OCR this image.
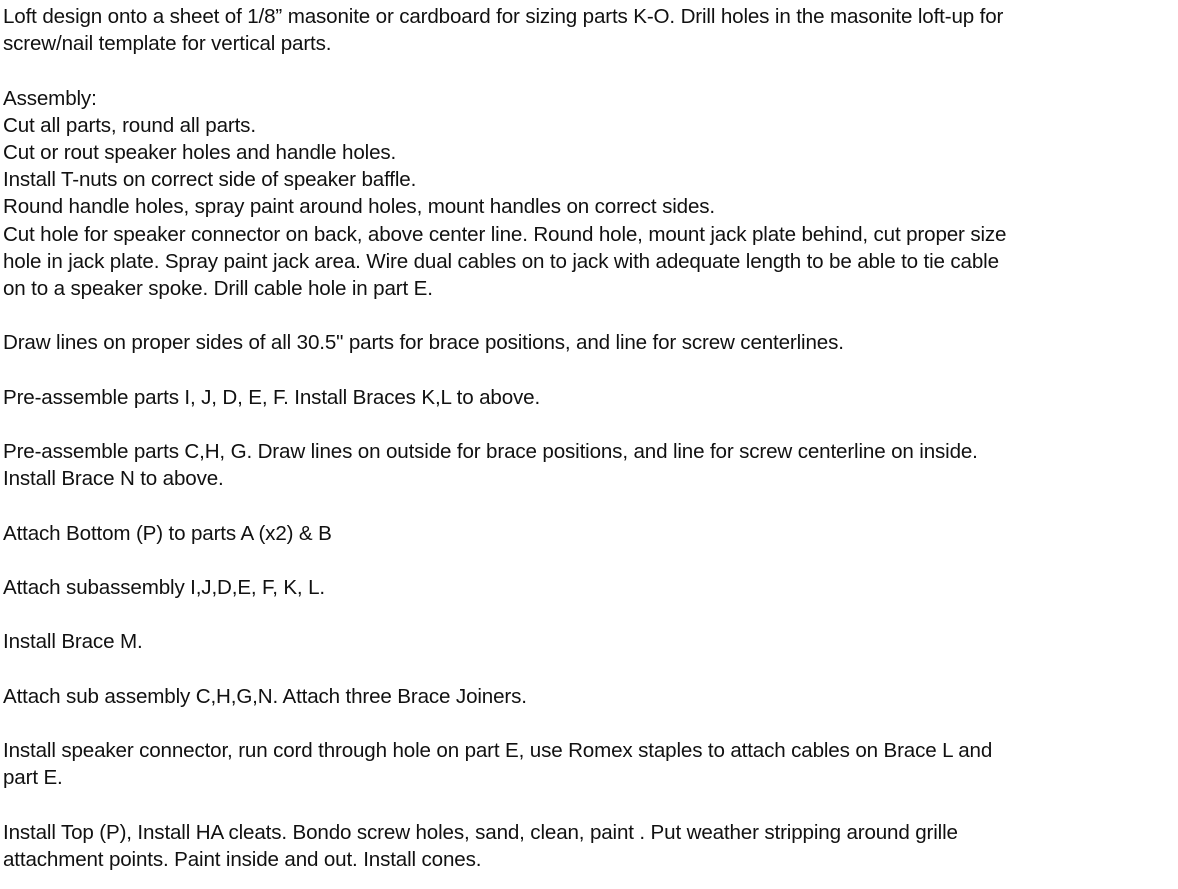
Loft design onto a sheet of 1/8” masonite or cardboard for sizing parts K-O. Drill holes in the masonite loft-up for
screw/nail template for vertical parts.
Assembly:
Cut all parts, round all parts.
Cut or rout speaker holes and handle holes.
Install T-nuts on correct side of speaker baffle.
Round handle holes, spray paint around holes, mount handles on correct sides.
Cut hole for speaker connector on back, above center line. Round hole, mount jack plate behind, cut proper size
hole in jack plate. Spray paint jack area. Wire dual cables on to jack with adequate length to be able to tie cable
on to a speaker spoke. Drill cable hole in part E.
Draw lines on proper sides of all 30.5" parts for brace positions, and line for screw centerlines.
Pre-assemble parts I, J, D, E, F. Install Braces K,L to above.
Pre-assemble parts C,H, G. Draw lines on outside for brace positions, and line for screw centerline on inside.
Install Brace N to above.
Attach Bottom (P) to parts A (x2) & B
Attach subassembly I,J,D,E, F, K, L.
Install Brace M.
Attach sub assembly C,H,G,N. Attach three Brace Joiners.
Install speaker connector, run cord through hole on part E, use Romex staples to attach cables on Brace L and
part E.
Install Top (P), Install HA cleats. Bondo screw holes, sand, clean, paint . Put weather stripping around grille
attachment points. Paint inside and out. Install cones.
